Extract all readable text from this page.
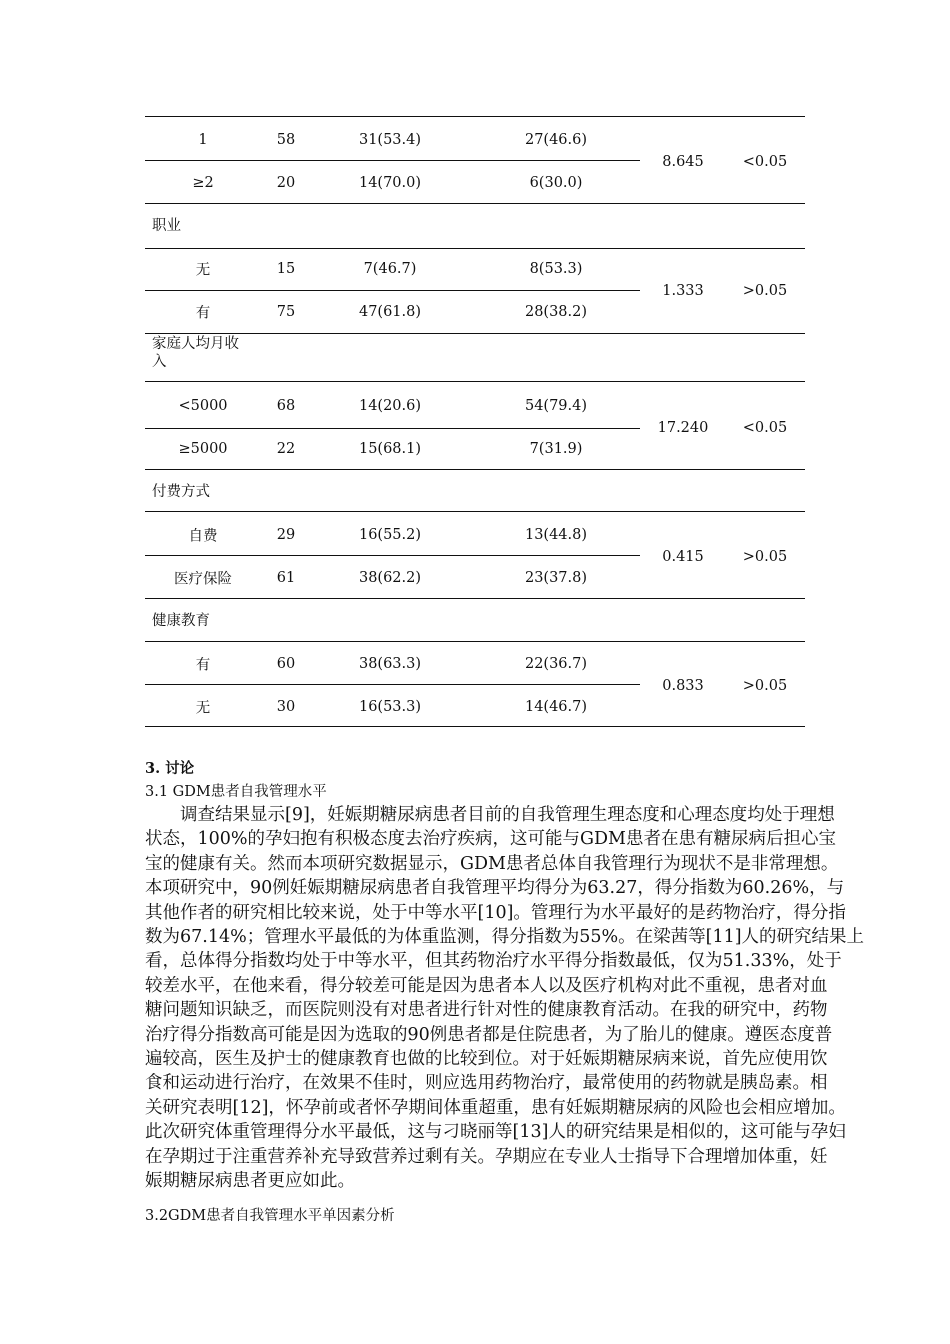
1	58	31(53.4)	27(46.6)
≥2	20	14(70.0)	6(30.0)
8.645	<0.05
职业
无	15	7(46.7)	8(53.3)
有	75	47(61.8)	28(38.2)
1.333	>0.05
家庭人均月收
入
<5000	68	14(20.6)	54(79.4)
≥5000	22	15(68.1)	7(31.9)
17.240 <0.05
付费方式
自费	29	16(55.2)	13(44.8)
医疗保险	61	38(62.2)	23(37.8)
0.415	>0.05
健康教育
有	60	38(63.3)	22(36.7)
无	30	16(53.3)	14(46.7)
0.833	>0.05
3. 讨论
3.1 GDM患者自我管理水平
调查结果显示[9]，妊娠期糖尿病患者目前的自我管理生理态度和心理态度均处于理想
状态，100%的孕妇抱有积极态度去治疗疾病，这可能与GDM患者在患有糖尿病后担心宝
宝的健康有关。然而本项研究数据显示，GDM患者总体自我管理行为现状不是非常理想。
本项研究中，90例妊娠期糖尿病患者自我管理平均得分为63.27，得分指数为60.26%，与
其他作者的研究相比较来说，处于中等水平[10]。管理行为水平最好的是药物治疗，得分指
数为67.14%；管理水平最低的为体重监测，得分指数为55%。在梁茜等[11]人的研究结果上
看，总体得分指数均处于中等水平，但其药物治疗水平得分指数最低，仅为51.33%，处于
较差水平，在他来看，得分较差可能是因为患者本人以及医疗机构对此不重视，患者对血
糖问题知识缺乏，而医院则没有对患者进行针对性的健康教育活动。在我的研究中，药物
治疗得分指数高可能是因为选取的90例患者都是住院患者，为了胎儿的健康。遵医态度普
遍较高，医生及护士的健康教育也做的比较到位。对于妊娠期糖尿病来说，首先应使用饮
食和运动进行治疗，在效果不佳时，则应选用药物治疗，最常使用的药物就是胰岛素。相
关研究表明[12]，怀孕前或者怀孕期间体重超重，患有妊娠期糖尿病的风险也会相应增加。
此次研究体重管理得分水平最低，这与刁晓丽等[13]人的研究结果是相似的，这可能与孕妇
在孕期过于注重营养补充导致营养过剩有关。孕期应在专业人士指导下合理增加体重，妊
娠期糖尿病患者更应如此。
3.2GDM患者自我管理水平单因素分析
